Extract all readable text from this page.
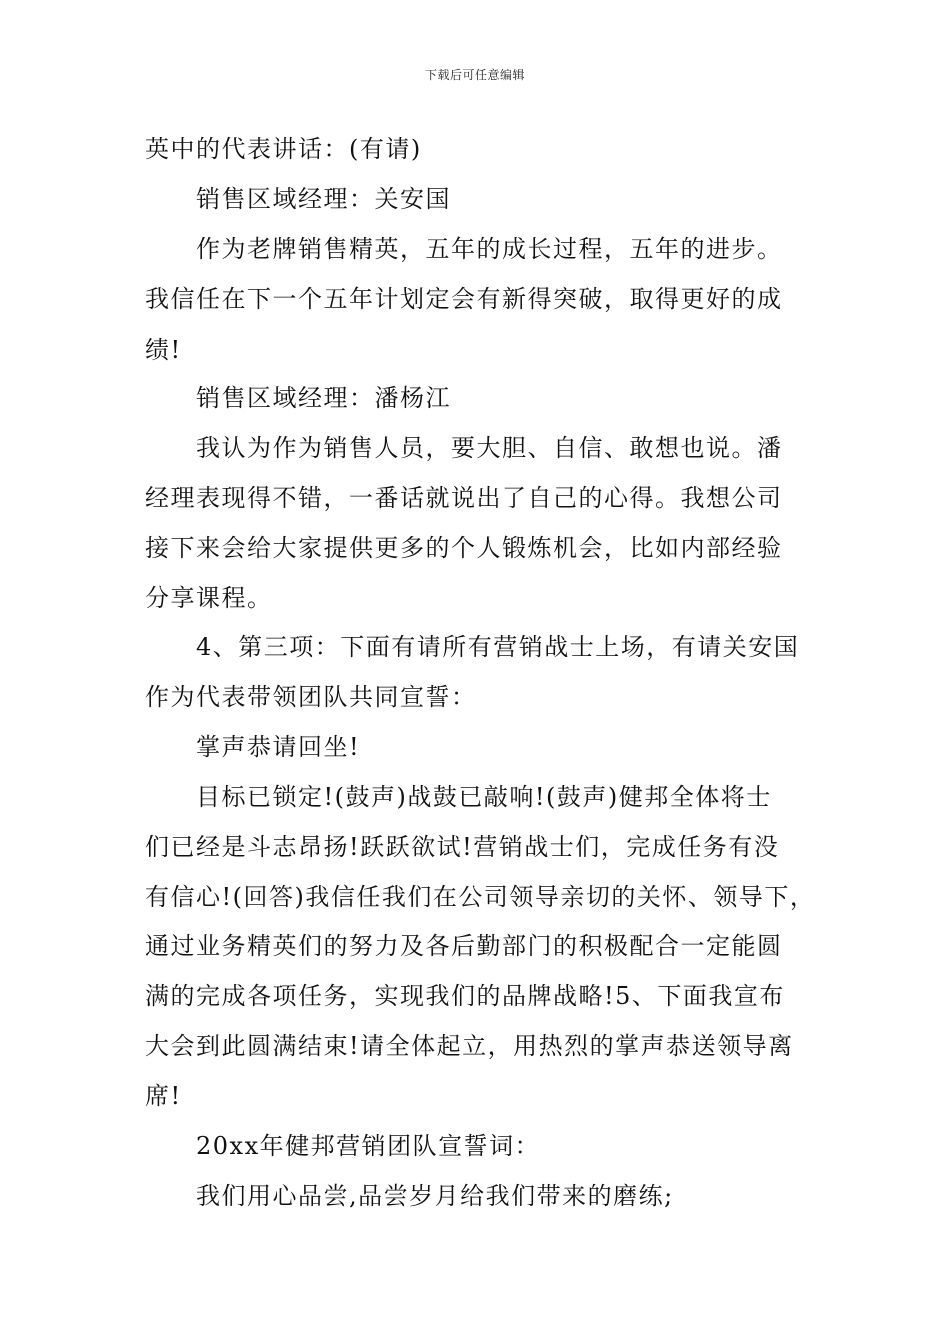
下载后可任意编辑
英中的代表讲话：(有请)
销售区域经理：关安国
作为老牌销售精英，五年的成长过程，五年的进步。
我信任在下一个五年计划定会有新得突破，取得更好的成
绩!
销售区域经理：潘杨江
我认为作为销售人员，要大胆、自信、敢想也说。潘
经理表现得不错，一番话就说出了自己的心得。我想公司
接下来会给大家提供更多的个人锻炼机会，比如内部经验
分享课程。
4、第三项：下面有请所有营销战士上场，有请关安国
作为代表带领团队共同宣誓：
掌声恭请回坐!
目标已锁定!(鼓声)战鼓已敲响!(鼓声)健邦全体将士
们已经是斗志昂扬!跃跃欲试!营销战士们，完成任务有没
有信心!(回答)我信任我们在公司领导亲切的关怀、领导下，
通过业务精英们的努力及各后勤部门的积极配合一定能圆
满的完成各项任务，实现我们的品牌战略!5、下面我宣布
大会到此圆满结束!请全体起立，用热烈的掌声恭送领导离
席!
20xx年健邦营销团队宣誓词：
我们用心品尝,品尝岁月给我们带来的磨练;
